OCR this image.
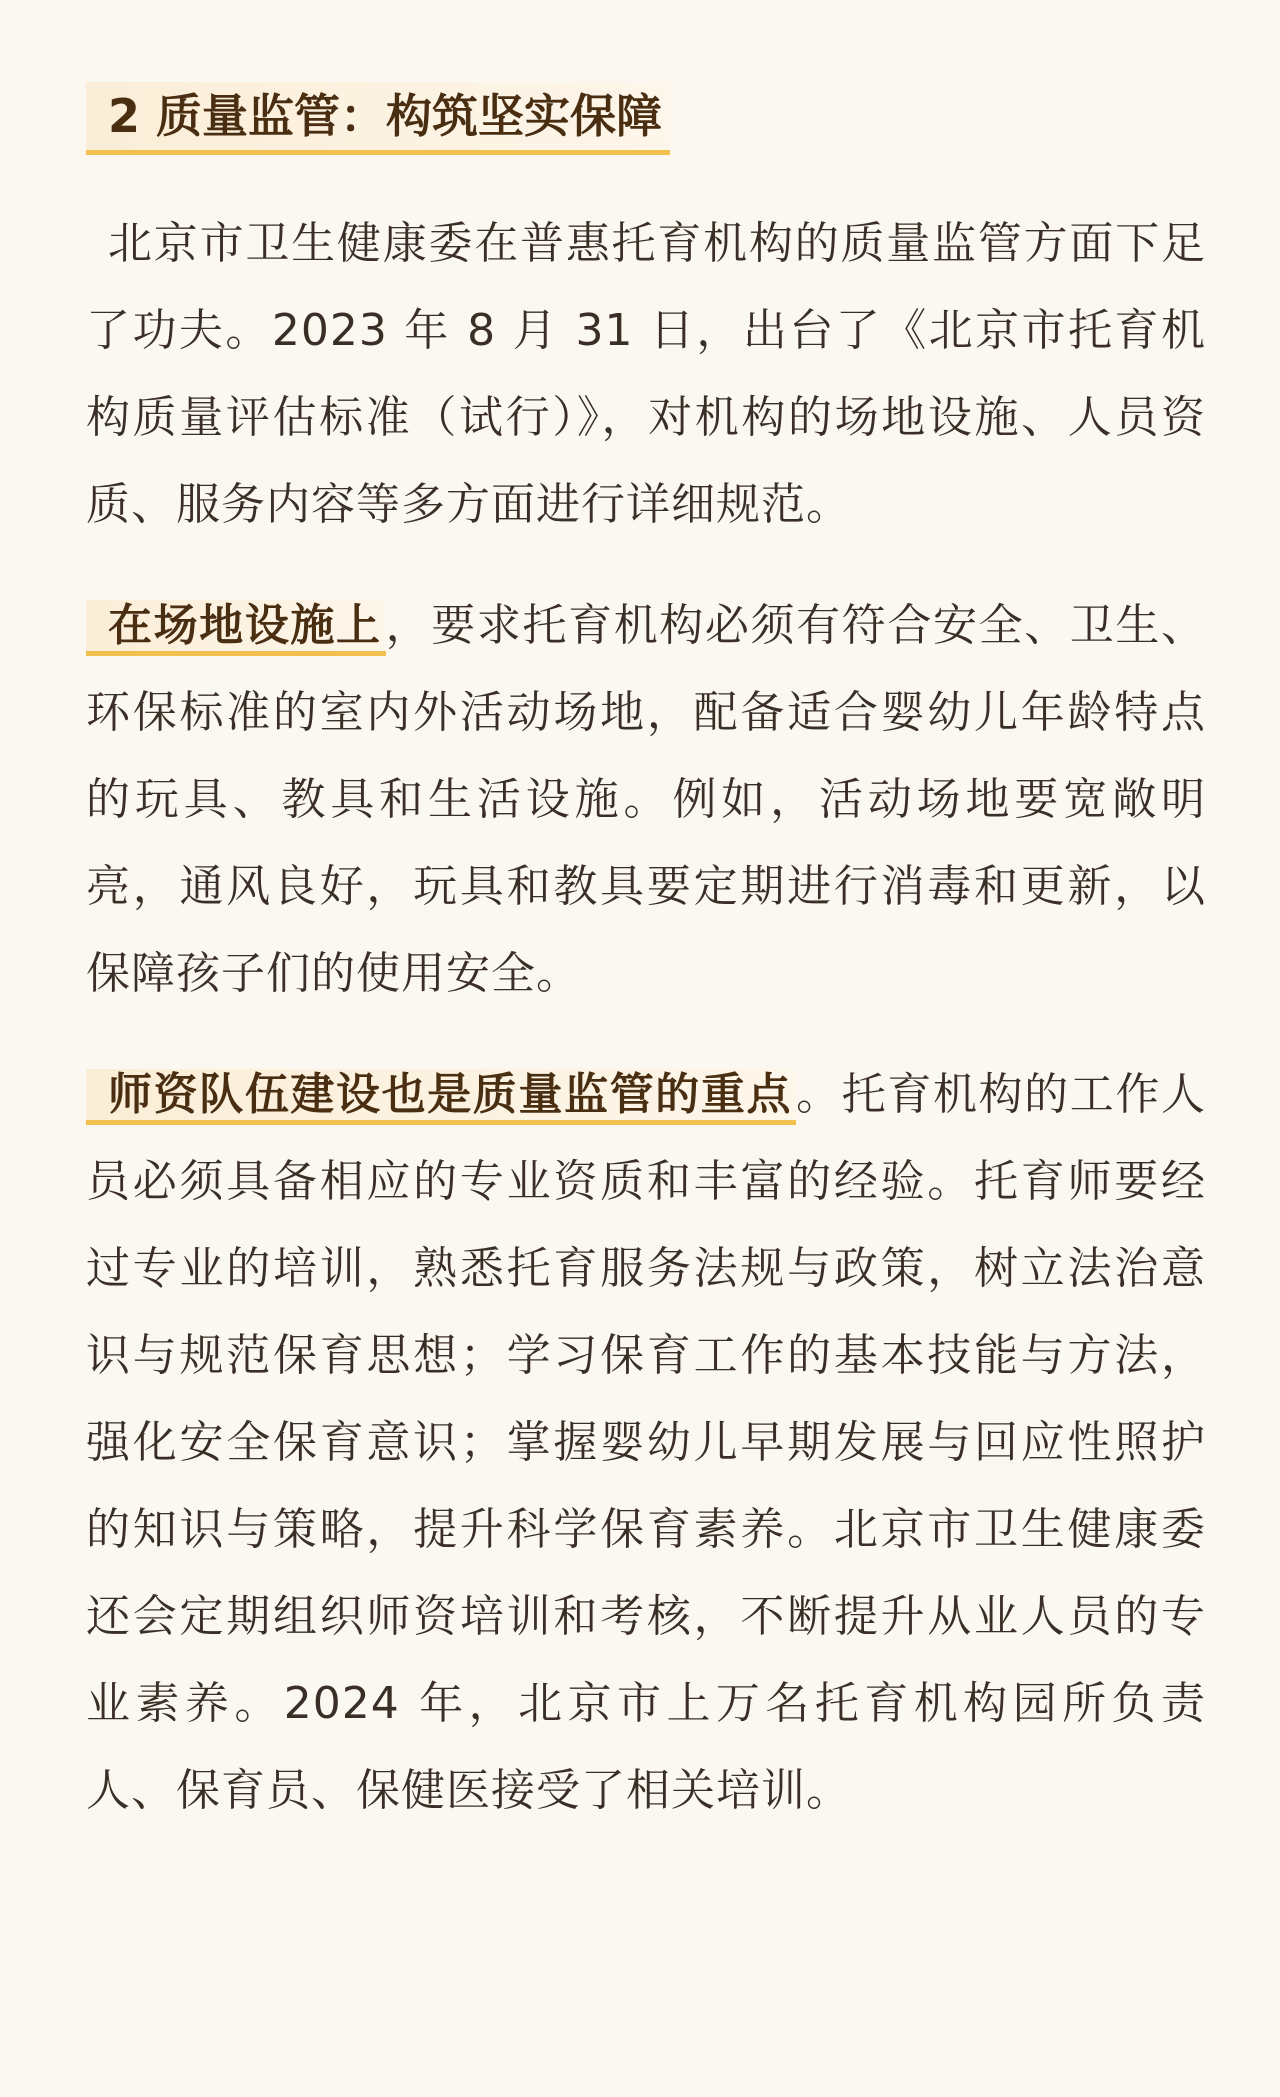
2 质量监管：构筑坚实保障

北京市卫生健康委在普惠托育机构的质量监管方面下足了功夫。2023 年 8 月 31 日，出台了《北京市托育机构质量评估标准（试行）》，对机构的场地设施、人员资质、服务内容等多方面进行详细规范。

在场地设施上，要求托育机构必须有符合安全、卫生、环保标准的室内外活动场地，配备适合婴幼儿年龄特点的玩具、教具和生活设施。例如，活动场地要宽敞明亮，通风良好，玩具和教具要定期进行消毒和更新，以保障孩子们的使用安全。

师资队伍建设也是质量监管的重点。托育机构的工作人员必须具备相应的专业资质和丰富的经验。托育师要经过专业的培训，熟悉托育服务法规与政策，树立法治意识与规范保育思想；学习保育工作的基本技能与方法，强化安全保育意识；掌握婴幼儿早期发展与回应性照护的知识与策略，提升科学保育素养。北京市卫生健康委还会定期组织师资培训和考核，不断提升从业人员的专业素养。2024 年，北京市上万名托育机构园所负责人、保育员、保健医接受了相关培训。
